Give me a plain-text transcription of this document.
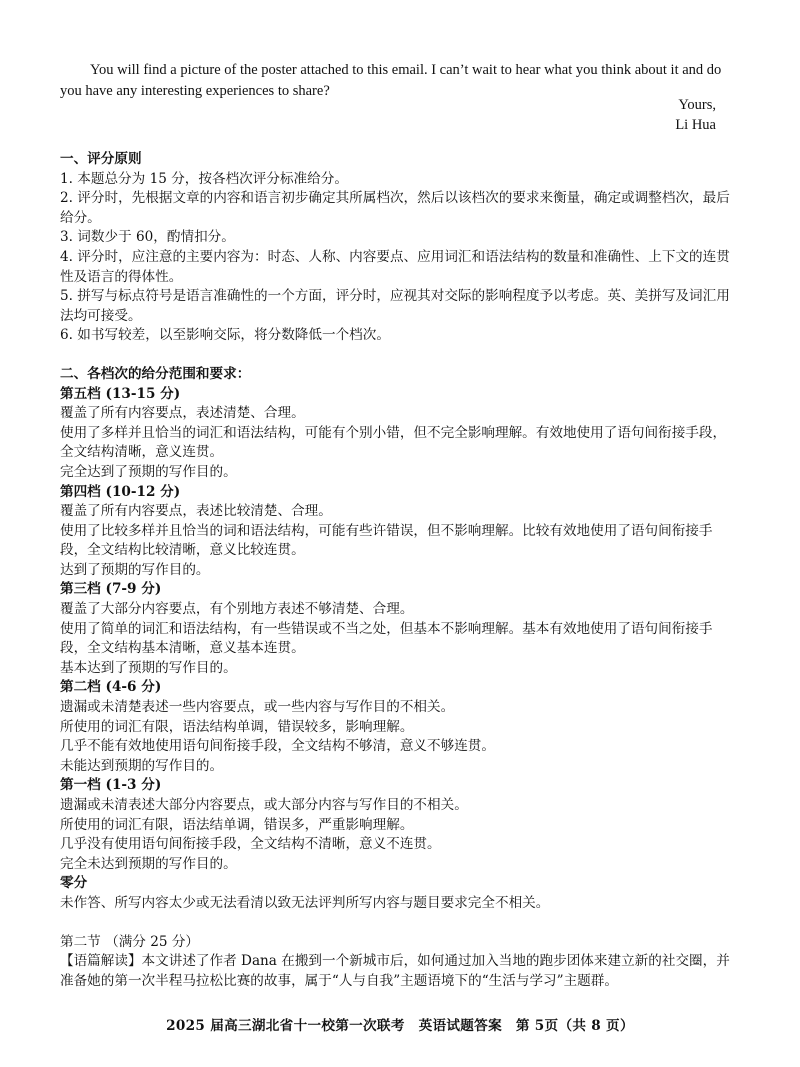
You will find a picture of the poster attached to this email. I can’t wait to hear what you think about it and do you have any interesting experiences to share?

Yours,

Li Hua

一、评分原则

1. 本题总分为 15 分，按各档次评分标准给分。

2. 评分时，先根据文章的内容和语言初步确定其所属档次，然后以该档次的要求来衡量，确定或调整档次，最后给分。

3. 词数少于 60，酌情扣分。

4. 评分时，应注意的主要内容为：时态、人称、内容要点、应用词汇和语法结构的数量和准确性、上下文的连贯性及语言的得体性。

5. 拼写与标点符号是语言准确性的一个方面，评分时，应视其对交际的影响程度予以考虑。英、美拼写及词汇用法均可接受。

6. 如书写较差，以至影响交际，将分数降低一个档次。

二、各档次的给分范围和要求：

第五档 (13-15 分)

覆盖了所有内容要点，表述清楚、合理。

使用了多样并且恰当的词汇和语法结构，可能有个别小错，但不完全影响理解。有效地使用了语句间衔接手段，全文结构清晰，意义连贯。

完全达到了预期的写作目的。

第四档 (10-12 分)

覆盖了所有内容要点，表述比较清楚、合理。

使用了比较多样并且恰当的词和语法结构，可能有些许错误，但不影响理解。比较有效地使用了语句间衔接手段，全文结构比较清晰，意义比较连贯。

达到了预期的写作目的。

第三档 (7-9 分)

覆盖了大部分内容要点，有个别地方表述不够清楚、合理。

使用了简单的词汇和语法结构，有一些错误或不当之处，但基本不影响理解。基本有效地使用了语句间衔接手段，全文结构基本清晰，意义基本连贯。

基本达到了预期的写作目的。

第二档 (4-6 分)

遗漏或未清楚表述一些内容要点，或一些内容与写作目的不相关。

所使用的词汇有限，语法结构单调，错误较多，影响理解。

几乎不能有效地使用语句间衔接手段，全文结构不够清，意义不够连贯。

未能达到预期的写作目的。

第一档 (1-3 分)

遗漏或未清表述大部分内容要点，或大部分内容与写作目的不相关。

所使用的词汇有限，语法结单调，错误多，严重影响理解。

几乎没有使用语句间衔接手段，全文结构不清晰，意义不连贯。

完全未达到预期的写作目的。

零分

未作答、所写内容太少或无法看清以致无法评判所写内容与题目要求完全不相关。

第二节 （满分 25 分）

【语篇解读】本文讲述了作者 Dana 在搬到一个新城市后，如何通过加入当地的跑步团体来建立新的社交圈，并准备她的第一次半程马拉松比赛的故事，属于“人与自我”主题语境下的“生活与学习”主题群。

2025 届高三湖北省十一校第一次联考　英语试题答案　第 5页（共 8 页）
